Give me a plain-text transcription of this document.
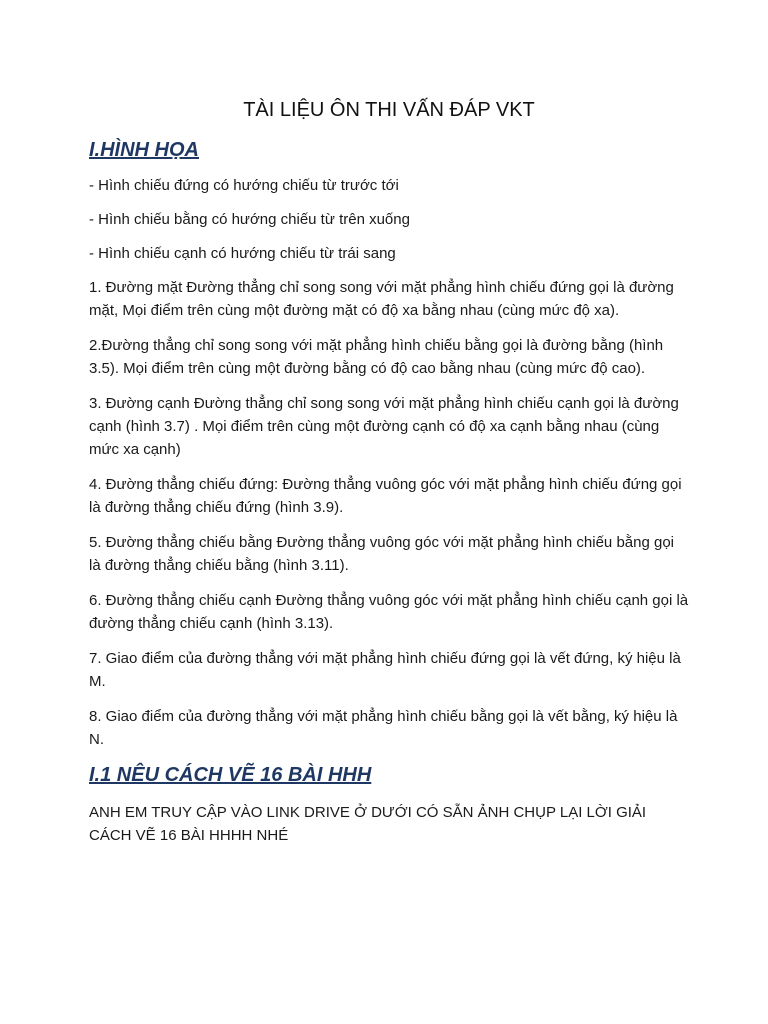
TÀI LIỆU ÔN THI VẤN ĐÁP VKT
I.HÌNH HỌA

- Hình chiếu đứng có hướng chiếu từ trước tới

- Hình chiếu bằng có hướng chiếu từ trên xuống

- Hình chiếu cạnh có hướng chiếu từ trái sang

1. Đường mặt Đường thẳng chỉ song song với mặt phẳng hình chiếu đứng gọi là đường mặt, Mọi điểm trên cùng một đường mặt có độ xa bằng nhau (cùng mức độ xa).

2.Đường thẳng chỉ song song với mặt phẳng hình chiếu bằng gọi là đường bằng (hình 3.5). Mọi điểm trên cùng một đường bằng có độ cao bằng nhau (cùng mức độ cao).

3. Đường cạnh Đường thẳng chỉ song song với mặt phẳng hình chiếu cạnh gọi là đường cạnh (hình 3.7) . Mọi điểm trên cùng một đường cạnh có độ xa cạnh bằng nhau (cùng mức xa cạnh)

4. Đường thẳng chiếu đứng: Đường thẳng vuông góc với mặt phẳng hình chiếu đứng gọi là đường thẳng chiếu đứng (hình 3.9).

5. Đường thẳng chiếu bằng Đường thẳng vuông góc với mặt phẳng hình chiếu bằng gọi là đường thẳng chiếu bằng (hình 3.11).

6. Đường thẳng chiếu cạnh Đường thẳng vuông góc với mặt phẳng hình chiếu cạnh gọi là đường thẳng chiếu cạnh (hình 3.13).

7. Giao điểm của đường thẳng với mặt phẳng hình chiếu đứng gọi là vết đứng, ký hiệu là M.

8. Giao điểm của đường thẳng với mặt phẳng hình chiếu bằng gọi là vết bằng, ký hiệu là N.

I.1 NÊU CÁCH VẼ 16 BÀI HHH

ANH EM TRUY CẬP VÀO LINK DRIVE Ở DƯỚI CÓ SẴN ẢNH CHỤP LẠI LỜI GIẢI CÁCH VẼ 16 BÀI HHHH NHÉ
